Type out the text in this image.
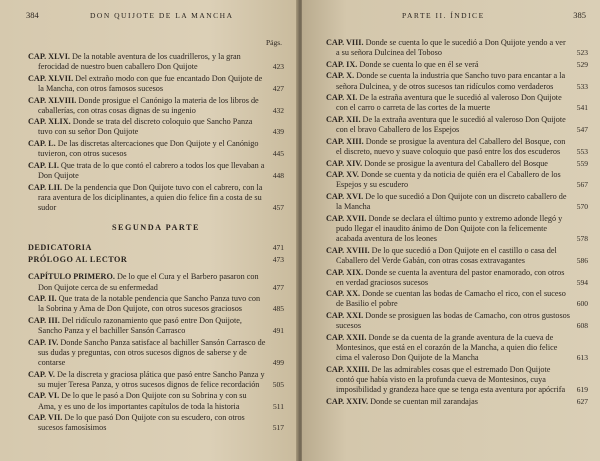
384	DON QUIJOTE DE LA MANCHA
Págs.
CAP. XLVI. De la notable aventura de los cuadrilleros, y la gran ferocidad de nuestro buen caballero Don Quijote	423
CAP. XLVII. Del extraño modo con que fue encantado Don Quijote de la Mancha, con otros famosos sucesos	427
CAP. XLVIII. Donde prosigue el Canónigo la materia de los libros de caballerías, con otras cosas dignas de su ingenio	432
CAP. XLIX. Donde se trata del discreto coloquio que Sancho Panza tuvo con su señor Don Quijote	439
CAP. L. De las discretas altercaciones que Don Quijote y el Canónigo tuvieron, con otros sucesos	445
CAP. LI. Que trata de lo que contó el cabrero a todos los que llevaban a Don Quijote	448
CAP. LII. De la pendencia que Don Quijote tuvo con el cabrero, con la rara aventura de los diciplinantes, a quien dio felice fin a costa de su sudor	457
SEGUNDA PARTE
DEDICATORIA	471
PRÓLOGO AL LECTOR	473
CAPÍTULO PRIMERO. De lo que el Cura y el Barbero pasaron con Don Quijote cerca de su enfermedad	477
CAP. II. Que trata de la notable pendencia que Sancho Panza tuvo con la Sobrina y Ama de Don Quijote, con otros sucesos graciosos	485
CAP. III. Del ridículo razonamiento que pasó entre Don Quijote, Sancho Panza y el bachiller Sansón Carrasco	491
CAP. IV. Donde Sancho Panza satisface al bachiller Sansón Carrasco de sus dudas y preguntas, con otros sucesos dignos de saberse y de contarse	499
CAP. V. De la discreta y graciosa plática que pasó entre Sancho Panza y su mujer Teresa Panza, y otros sucesos dignos de felice recordación 505
CAP. VI. De lo que le pasó a Don Quijote con su Sobrina y con su Ama, y es uno de los importantes capítulos de toda la historia	511
CAP. VII. De lo que pasó Don Quijote con su escudero, con otros sucesos famosísimos	517
PARTE II. ÍNDICE	385
CAP. VIII. Donde se cuenta lo que le sucedió a Don Quijote yendo a ver a su señora Dulcinea del Toboso	523
CAP. IX. Donde se cuenta lo que en él se verá	529
CAP. X. Donde se cuenta la industria que Sancho tuvo para encantar a la señora Dulcinea, y de otros sucesos tan ridículos como verdaderos	533
CAP. XI. De la estraña aventura que le sucedió al valeroso Don Quijote con el carro o carreta de las cortes de la muerte	541
CAP. XII. De la extraña aventura que le sucedió al valeroso Don Quijote con el bravo Caballero de los Espejos	547
CAP. XIII. Donde se prosigue la aventura del Caballero del Bosque, con el discreto, nuevo y suave coloquio que pasó entre los dos escuderos 553
CAP. XIV. Donde se prosigue la aventura del Caballero del Bosque	559
CAP. XV. Donde se cuenta y da noticia de quién era el Caballero de los Espejos y su escudero	567
CAP. XVI. De lo que sucedió a Don Quijote con un discreto caballero de la Mancha	570
CAP. XVII. Donde se declara el último punto y extremo adonde llegó y pudo llegar el inaudito ánimo de Don Quijote con la felicemente acabada aventura de los leones	578
CAP. XVIII. De lo que sucedió a Don Quijote en el castillo o casa del Caballero del Verde Gabán, con otras cosas extravagantes	586
CAP. XIX. Donde se cuenta la aventura del pastor enamorado, con otros en verdad graciosos sucesos	594
CAP. XX. Donde se cuentan las bodas de Camacho el rico, con el suceso de Basilio el pobre	600
CAP. XXI. Donde se prosiguen las bodas de Camacho, con otros gustosos sucesos	608
CAP. XXII. Donde se da cuenta de la grande aventura de la cueva de Montesinos, que está en el corazón de la Mancha, a quien dio felice cima el valeroso Don Quijote de la Mancha	613
CAP. XXIII. De las admirables cosas que el estremado Don Quijote contó que había visto en la profunda cueva de Montesinos, cuya imposibilidad y grandeza hace que se tenga esta aventura por apócrifa 619
CAP. XXIV. Donde se cuentan mil zarandajas	627
